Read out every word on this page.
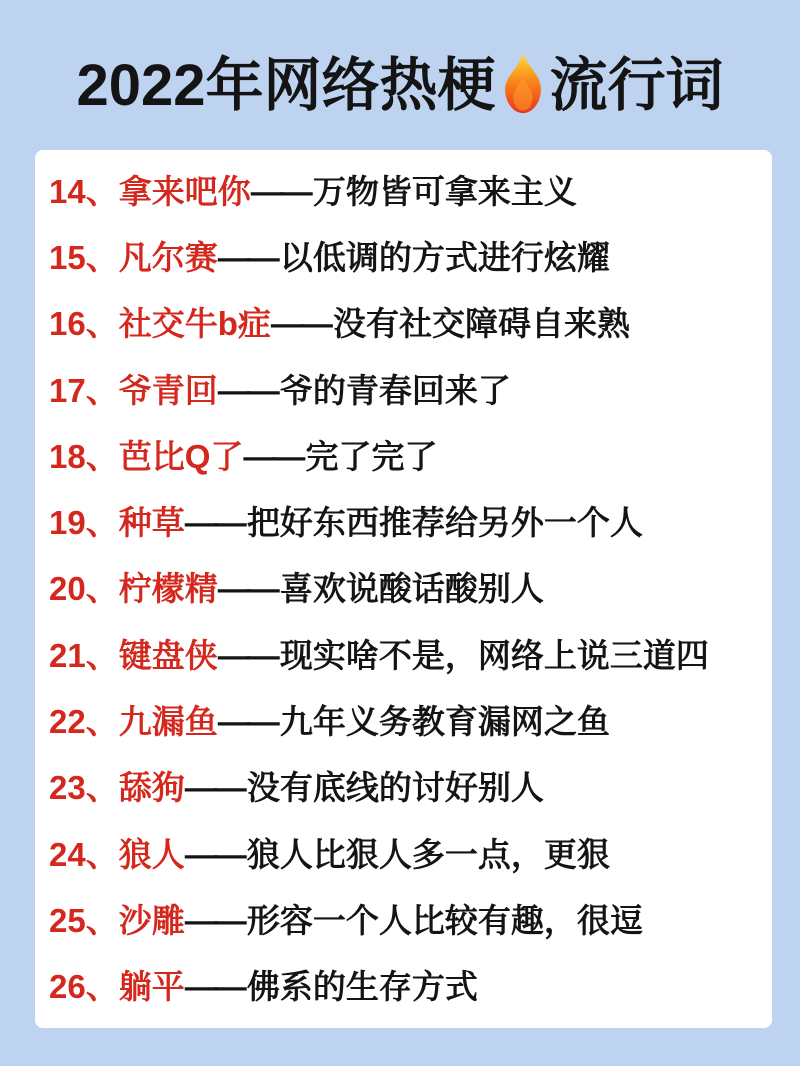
2022年网络热梗 流行词
14、 拿来吧你 —— 万物皆可拿来主义
15、 凡尔赛 —— 以低调的方式进行炫耀
16、 社交牛b症 —— 没有社交障碍自来熟
17、 爷青回 —— 爷的青春回来了
18、 芭比Q了 —— 完了完了
19、 种草 —— 把好东西推荐给另外一个人
20、 柠檬精 —— 喜欢说酸话酸别人
21、 键盘侠 —— 现实啥不是，网络上说三道四
22、 九漏鱼 —— 九年义务教育漏网之鱼
23、 舔狗 —— 没有底线的讨好别人
24、 狼人 —— 狼人比狠人多一点，更狠
25、 沙雕 —— 形容一个人比较有趣，很逗
26、 躺平 —— 佛系的生存方式
